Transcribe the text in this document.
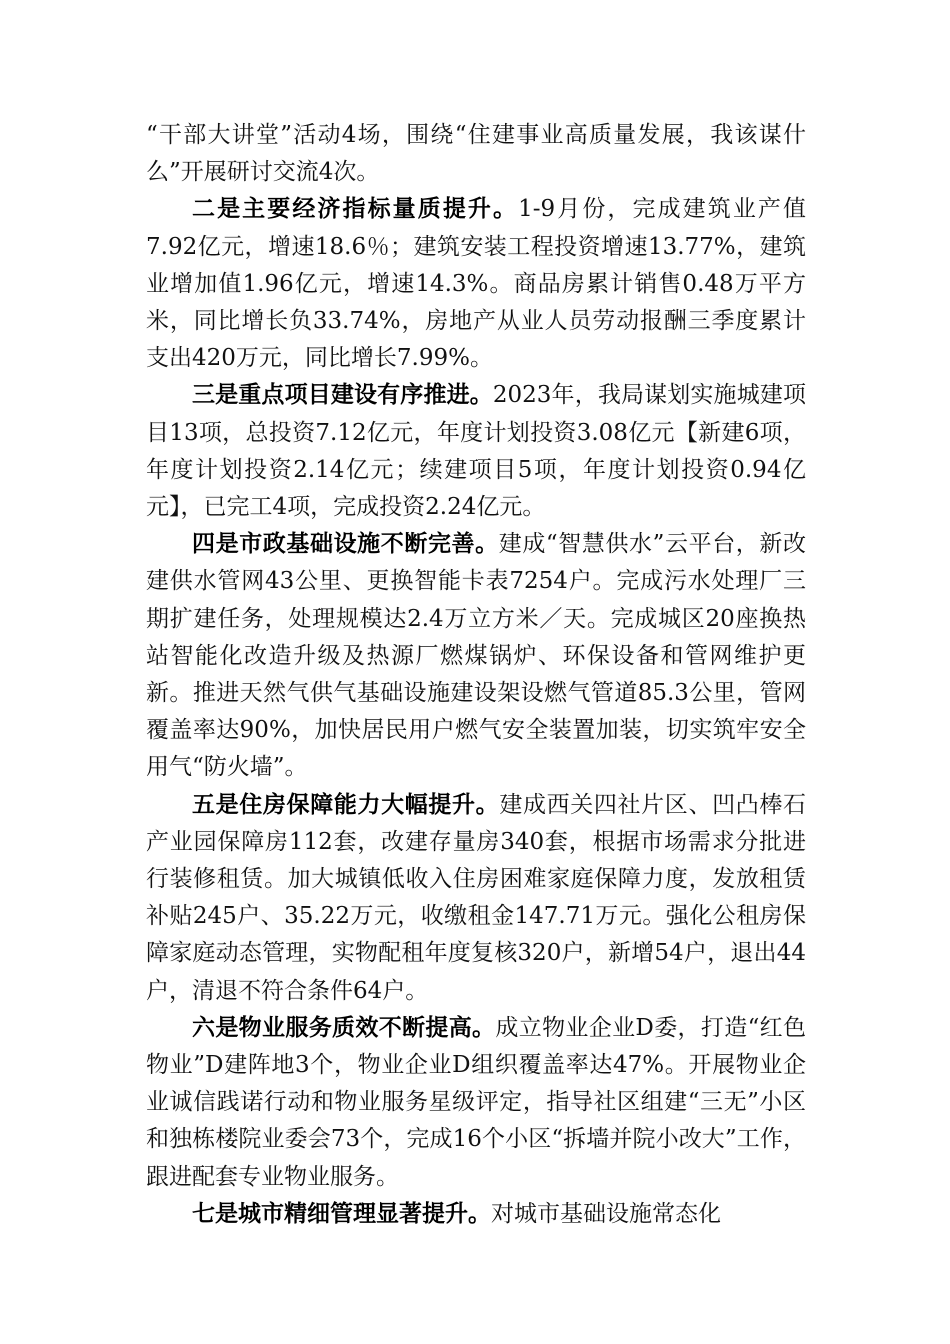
“干部大讲堂”活动4场，围绕“住建事业高质量发展，我该谋什么”开展研讨交流4次。

二是主要经济指标量质提升。1-9月份，完成建筑业产值7.92亿元，增速18.6％；建筑安装工程投资增速13.77%，建筑业增加值1.96亿元，增速14.3%。商品房累计销售0.48万平方米，同比增长负33.74%，房地产从业人员劳动报酬三季度累计支出420万元，同比增长7.99%。

三是重点项目建设有序推进。2023年，我局谋划实施城建项目13项，总投资7.12亿元，年度计划投资3.08亿元【新建6项，年度计划投资2.14亿元；续建项目5项，年度计划投资0.94亿元】，已完工4项，完成投资2.24亿元。

四是市政基础设施不断完善。建成“智慧供水”云平台，新改建供水管网43公里、更换智能卡表7254户。完成污水处理厂三期扩建任务，处理规模达2.4万立方米／天。完成城区20座换热站智能化改造升级及热源厂燃煤锅炉、环保设备和管网维护更新。推进天然气供气基础设施建设架设燃气管道85.3公里，管网覆盖率达90%，加快居民用户燃气安全装置加装，切实筑牢安全用气“防火墙”。

五是住房保障能力大幅提升。建成西关四社片区、凹凸棒石产业园保障房112套，改建存量房340套，根据市场需求分批进行装修租赁。加大城镇低收入住房困难家庭保障力度，发放租赁补贴245户、35.22万元，收缴租金147.71万元。强化公租房保障家庭动态管理，实物配租年度复核320户，新增54户，退出44户，清退不符合条件64户。

六是物业服务质效不断提高。成立物业企业D委，打造“红色物业”D建阵地3个，物业企业D组织覆盖率达47%。开展物业企业诚信践诺行动和物业服务星级评定，指导社区组建“三无”小区和独栋楼院业委会73个，完成16个小区“拆墙并院小改大”工作，跟进配套专业物业服务。

七是城市精细管理显著提升。对城市基础设施常态化
